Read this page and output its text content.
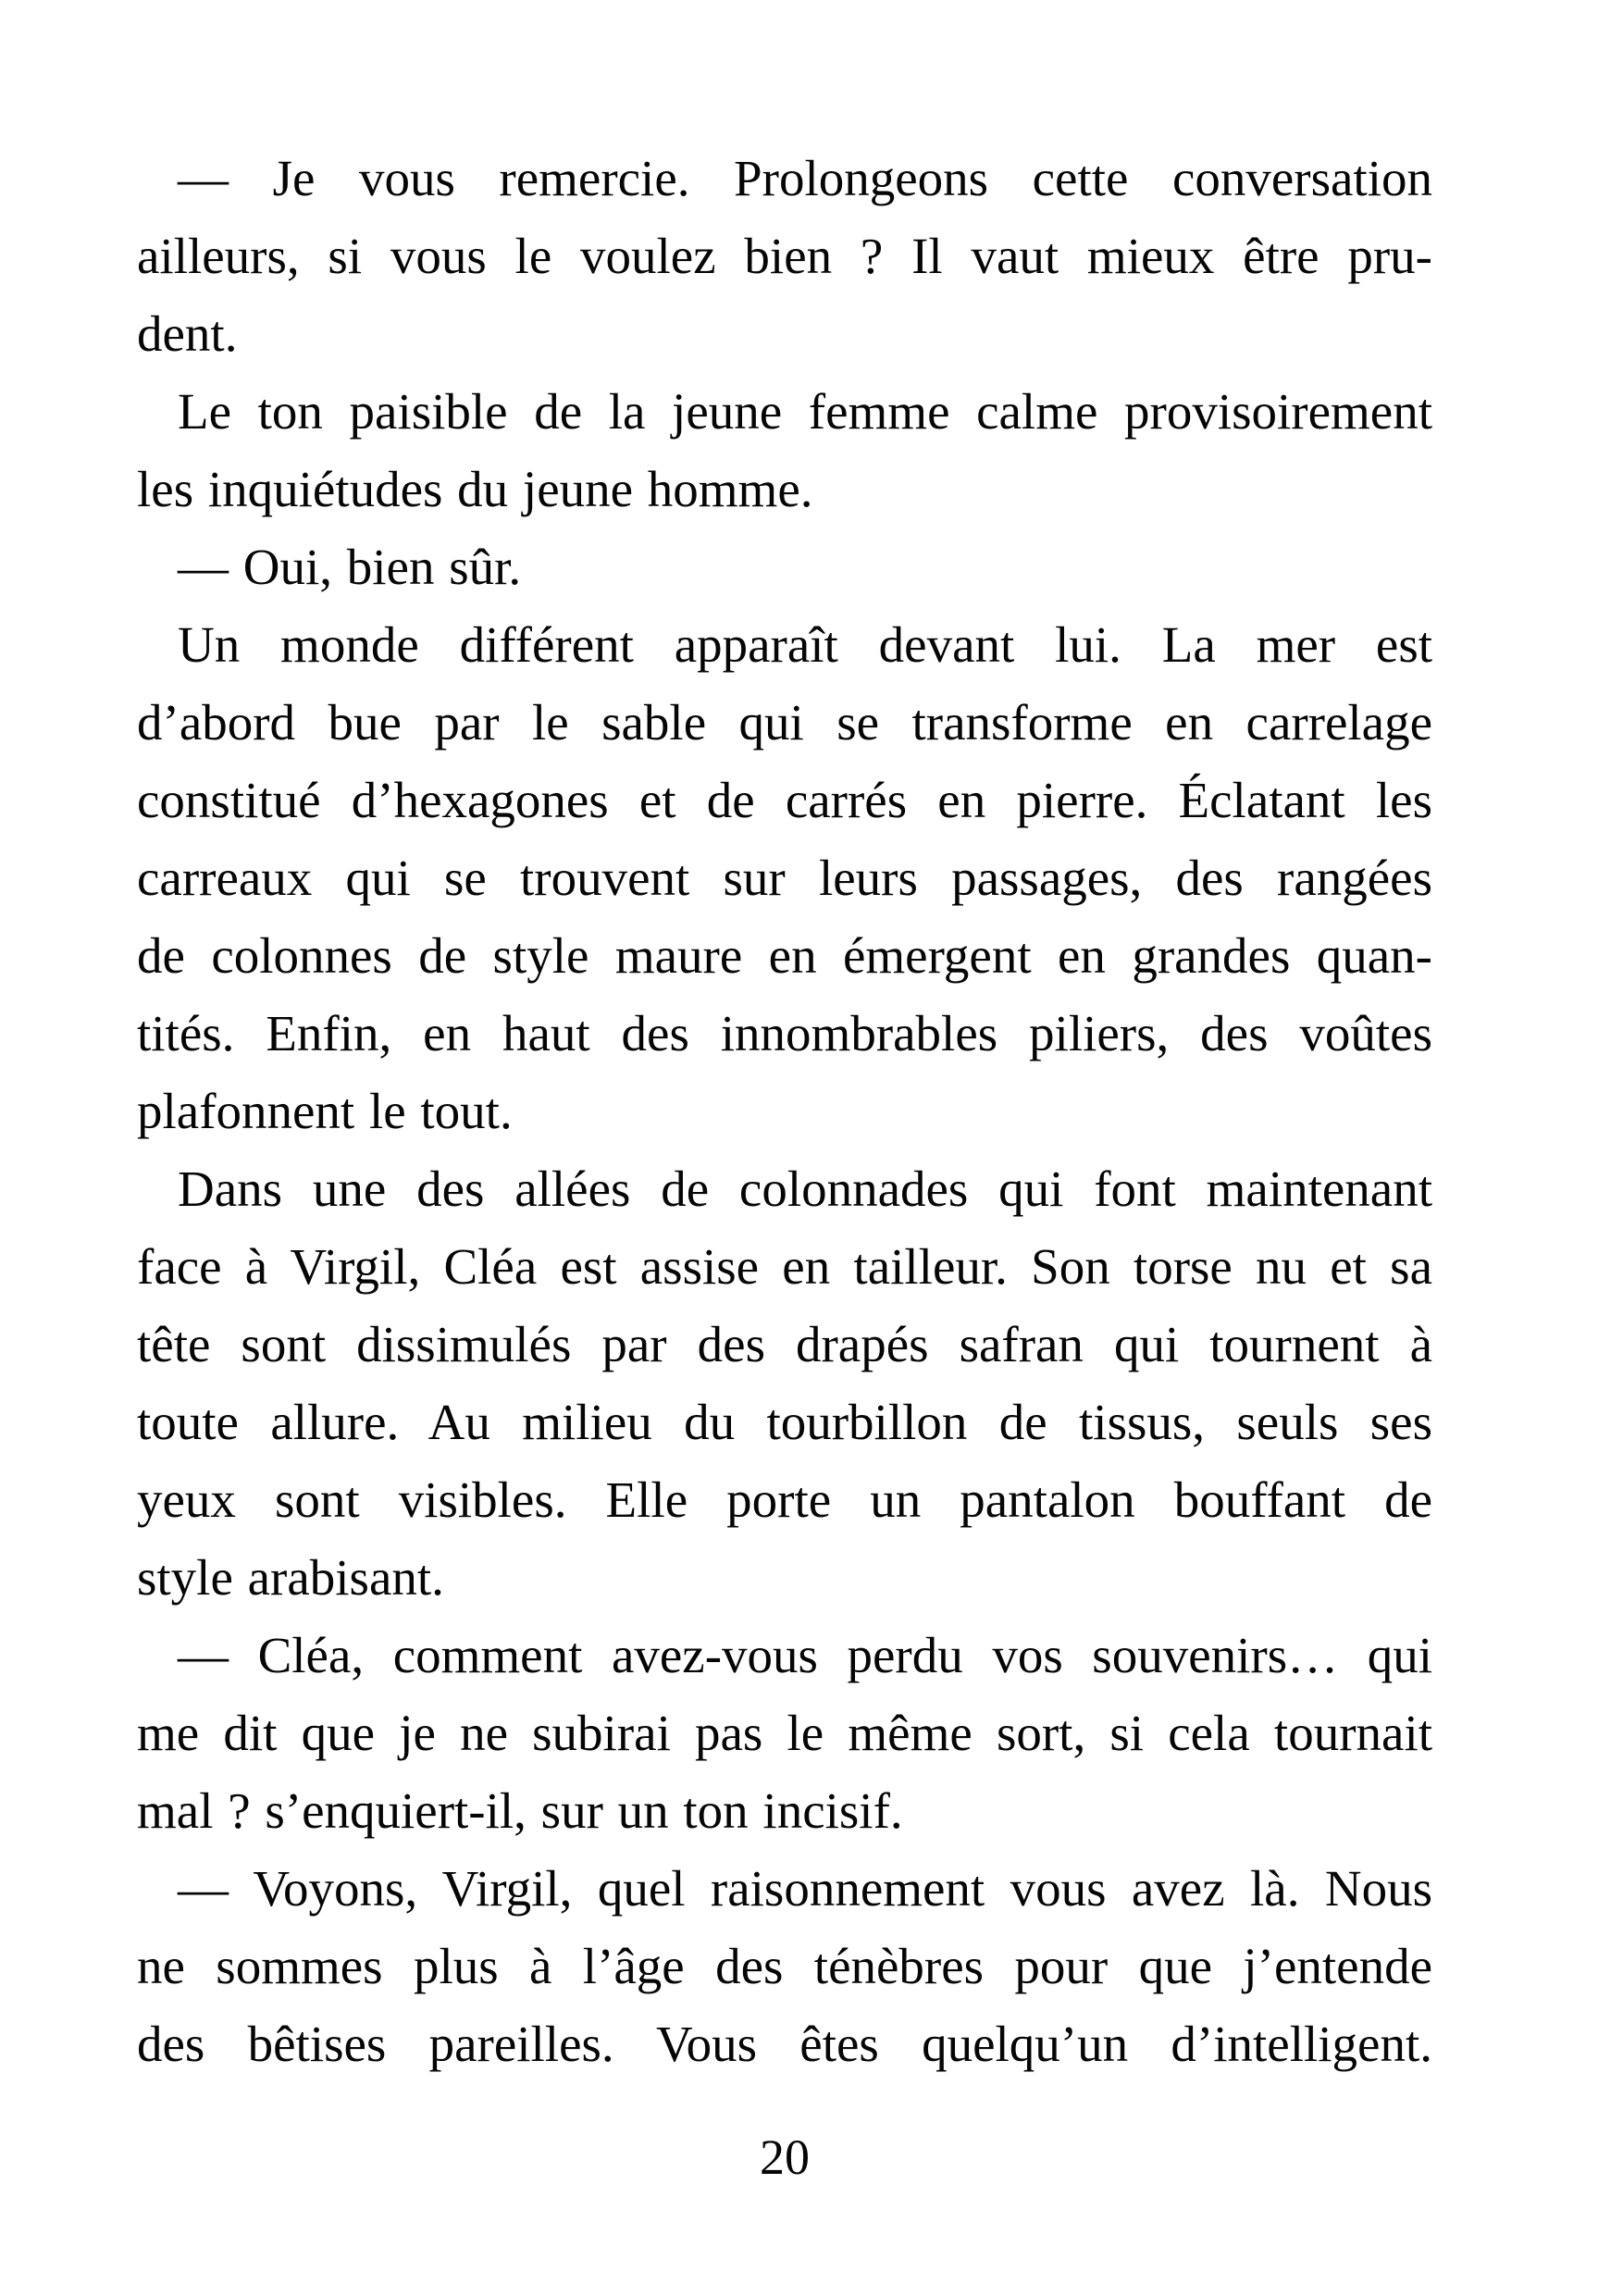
— Je vous remercie. Prolongeons cette conversation
ailleurs, si vous le voulez bien ? Il vaut mieux être pru-
dent.
Le ton paisible de la jeune femme calme provisoirement
les inquiétudes du jeune homme.
— Oui, bien sûr.
Un monde différent apparaît devant lui. La mer est
d’abord bue par le sable qui se transforme en carrelage
constitué d’hexagones et de carrés en pierre. Éclatant les
carreaux qui se trouvent sur leurs passages, des rangées
de colonnes de style maure en émergent en grandes quan-
tités. Enfin, en haut des innombrables piliers, des voûtes
plafonnent le tout.
Dans une des allées de colonnades qui font maintenant
face à Virgil, Cléa est assise en tailleur. Son torse nu et sa
tête sont dissimulés par des drapés safran qui tournent à
toute allure. Au milieu du tourbillon de tissus, seuls ses
yeux sont visibles. Elle porte un pantalon bouffant de
style arabisant.
— Cléa, comment avez-vous perdu vos souvenirs… qui
me dit que je ne subirai pas le même sort, si cela tournait
mal ? s’enquiert-il, sur un ton incisif.
— Voyons, Virgil, quel raisonnement vous avez là. Nous
ne sommes plus à l’âge des ténèbres pour que j’entende
des bêtises pareilles. Vous êtes quelqu’un d’intelligent.
20
